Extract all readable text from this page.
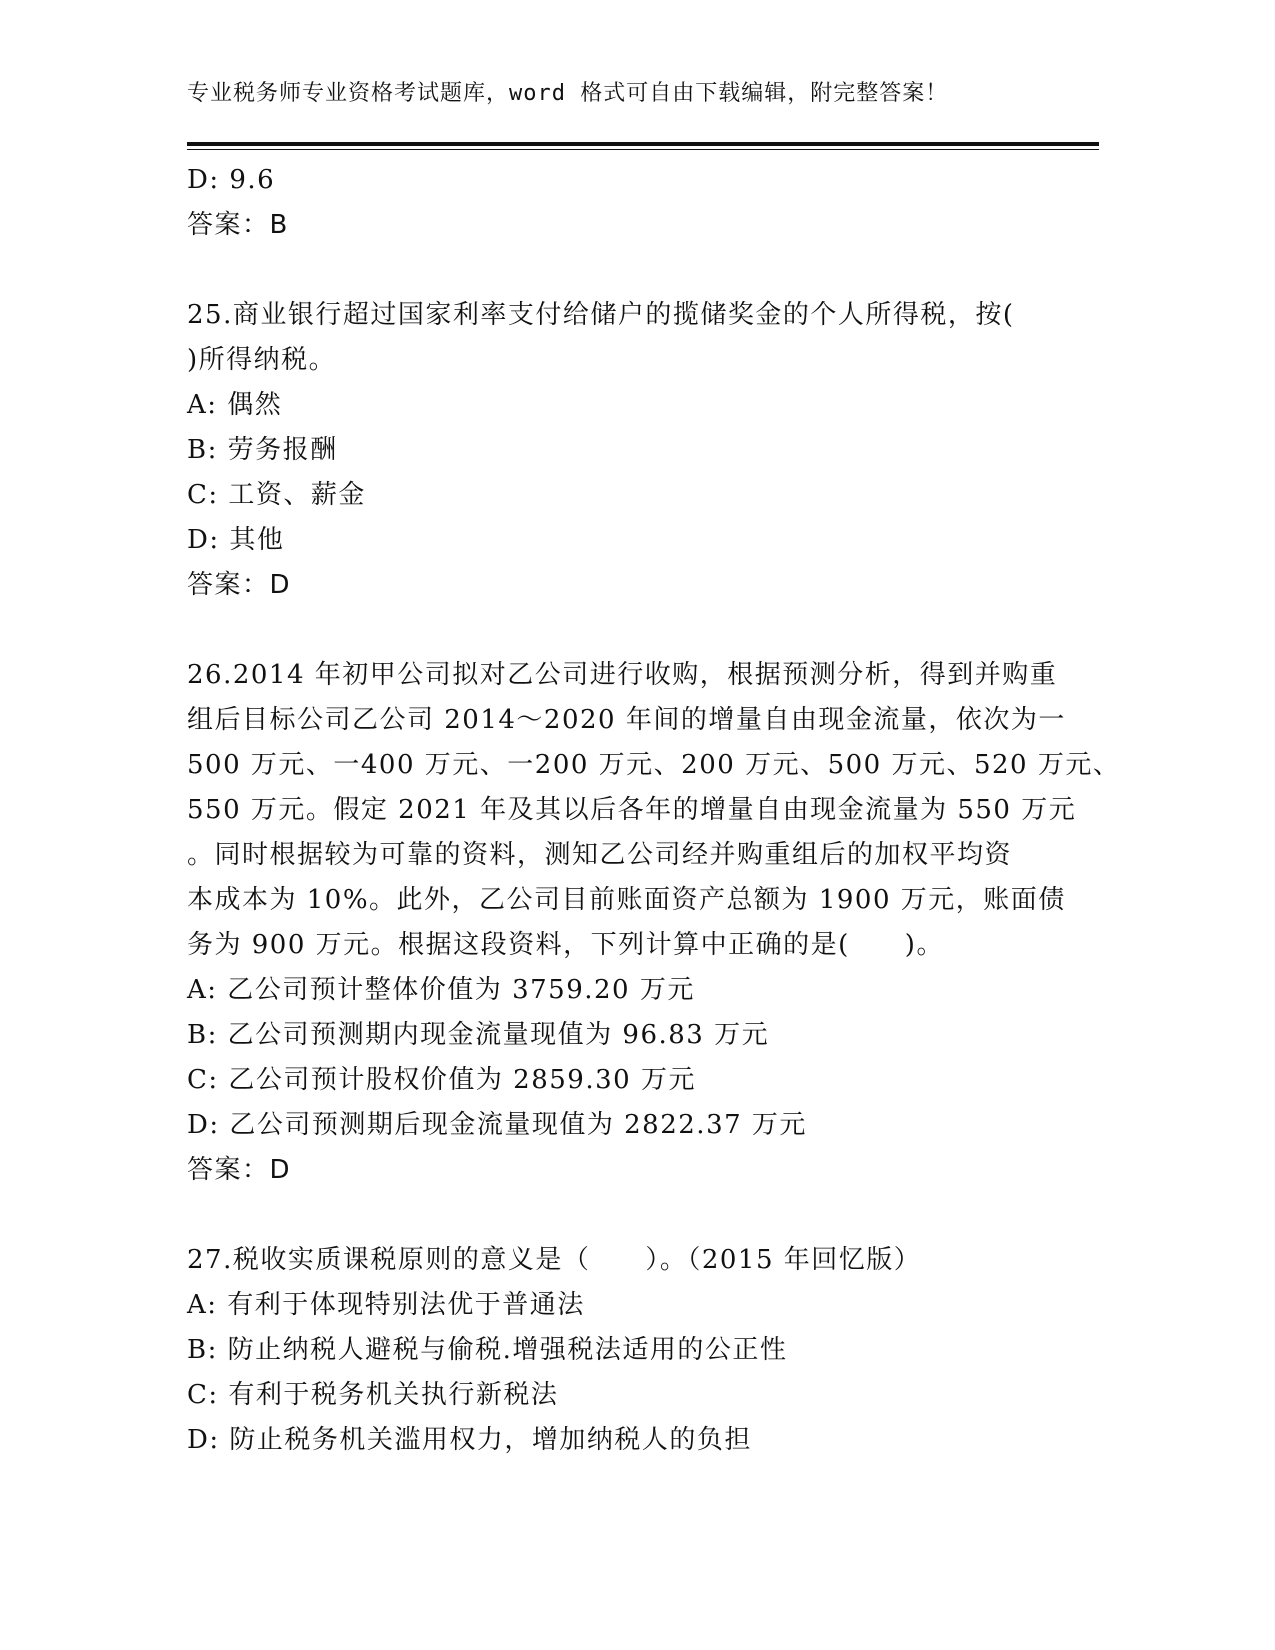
专业税务师专业资格考试题库，word 格式可自由下载编辑，附完整答案！
D: 9.6
答案：B
25.商业银行超过国家利率支付给储户的揽储奖金的个人所得税，按(
)所得纳税。
A: 偶然
B: 劳务报酬
C: 工资、薪金
D: 其他
答案：D
26.2014 年初甲公司拟对乙公司进行收购，根据预测分析，得到并购重
组后目标公司乙公司 2014～2020 年间的增量自由现金流量，依次为一
500 万元、一400 万元、一200 万元、200 万元、500 万元、520 万元、
550 万元。假定 2021 年及其以后各年的增量自由现金流量为 550 万元
。同时根据较为可靠的资料，测知乙公司经并购重组后的加权平均资
本成本为 10%。此外，乙公司目前账面资产总额为 1900 万元，账面债
务为 900 万元。根据这段资料，下列计算中正确的是(　　)。
A: 乙公司预计整体价值为 3759.20 万元
B: 乙公司预测期内现金流量现值为 96.83 万元
C: 乙公司预计股权价值为 2859.30 万元
D: 乙公司预测期后现金流量现值为 2822.37 万元
答案：D
27.税收实质课税原则的意义是（　　）。（2015 年回忆版）
A: 有利于体现特别法优于普通法
B: 防止纳税人避税与偷税.增强税法适用的公正性
C: 有利于税务机关执行新税法
D: 防止税务机关滥用权力，增加纳税人的负担
